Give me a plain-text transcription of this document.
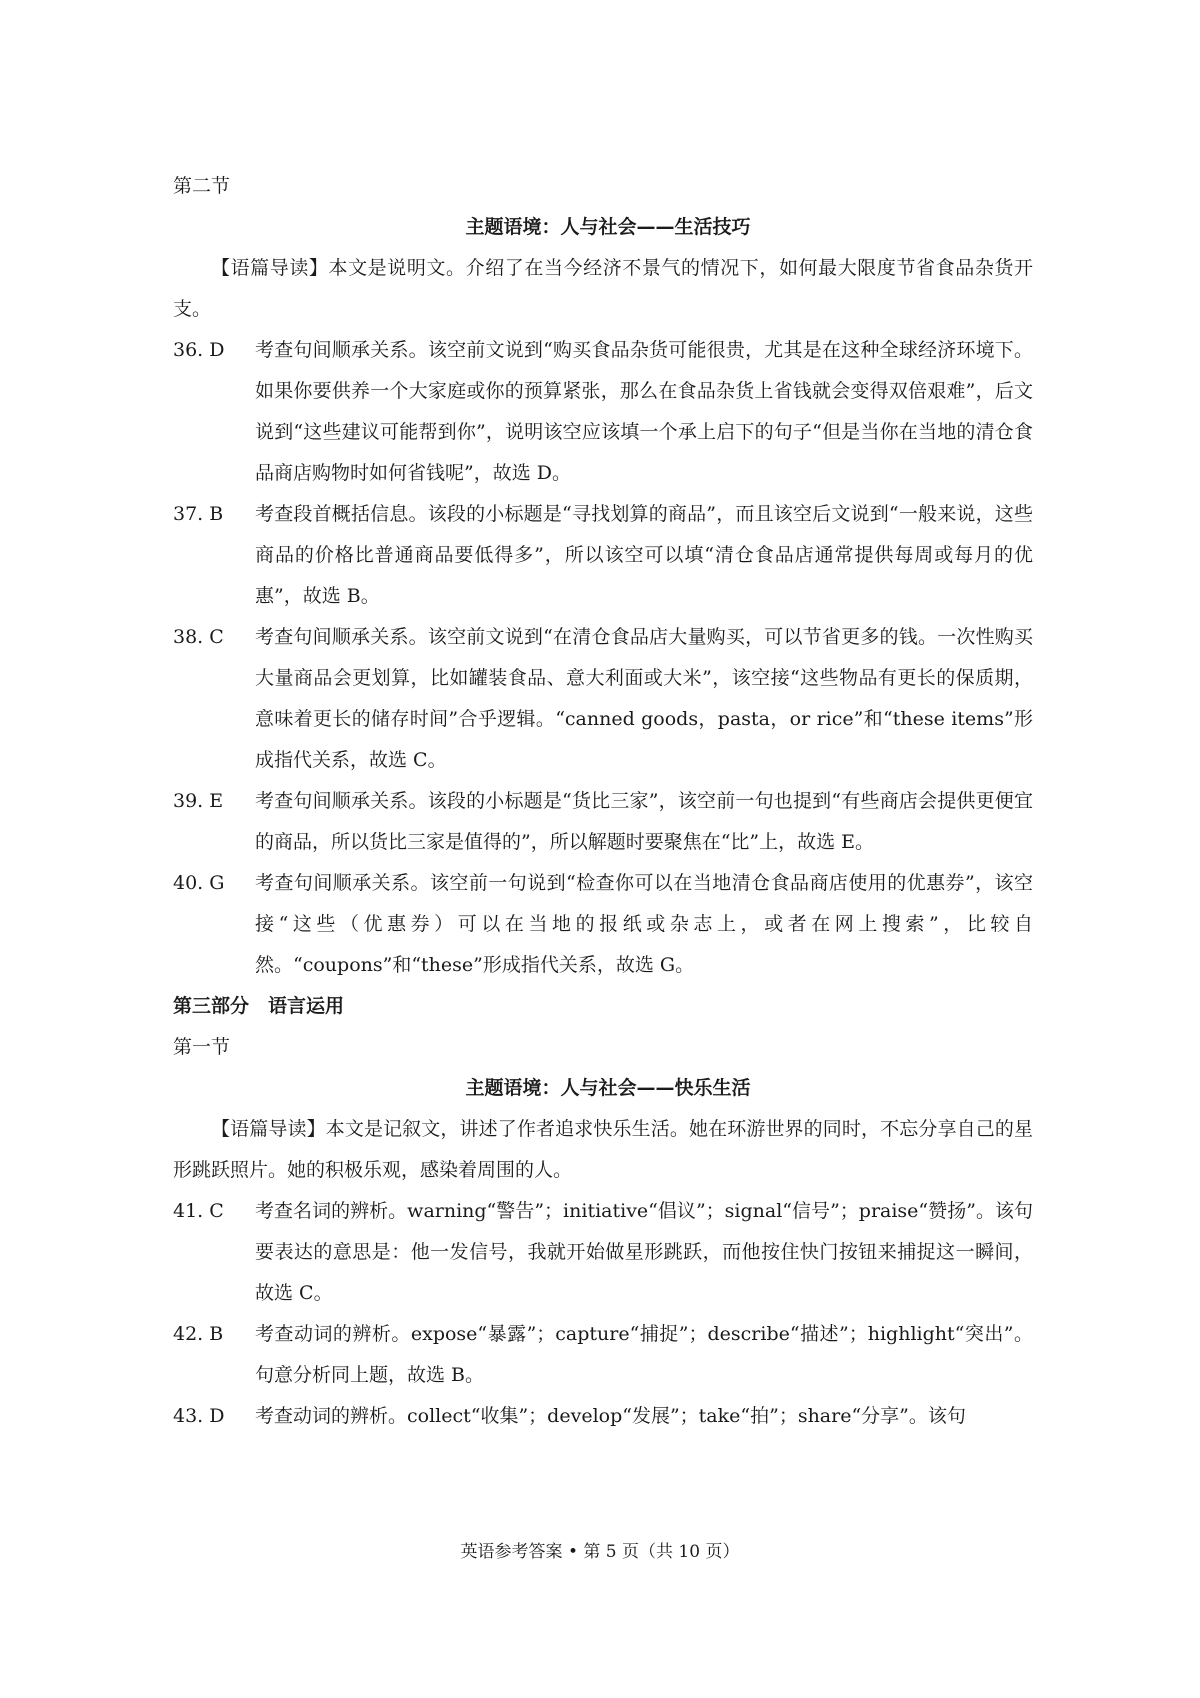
第二节
主题语境：人与社会——生活技巧
【语篇导读】本文是说明文。介绍了在当今经济不景气的情况下，如何最大限度节省食品杂货开支。
36. D	考查句间顺承关系。该空前文说到“购买食品杂货可能很贵，尤其是在这种全球经济环境下。如果你要供养一个大家庭或你的预算紧张，那么在食品杂货上省钱就会变得双倍艰难”，后文说到“这些建议可能帮到你”，说明该空应该填一个承上启下的句子“但是当你在当地的清仓食品商店购物时如何省钱呢”，故选 D。
37. B	考查段首概括信息。该段的小标题是“寻找划算的商品”，而且该空后文说到“一般来说，这些商品的价格比普通商品要低得多”，所以该空可以填“清仓食品店通常提供每周或每月的优惠”，故选 B。
38. C	考查句间顺承关系。该空前文说到“在清仓食品店大量购买，可以节省更多的钱。一次性购买大量商品会更划算，比如罐装食品、意大利面或大米”，该空接“这些物品有更长的保质期，意味着更长的储存时间”合乎逻辑。“canned goods，pasta，or rice”和“these items”形成指代关系，故选 C。
39. E	考查句间顺承关系。该段的小标题是“货比三家”，该空前一句也提到“有些商店会提供更便宜的商品，所以货比三家是值得的”，所以解题时要聚焦在“比”上，故选 E。
40. G	考查句间顺承关系。该空前一句说到“检查你可以在当地清仓食品商店使用的优惠券”，该空接“这些（优惠券）可以在当地的报纸或杂志上，或者在网上搜索”，比较自然。“coupons”和“these”形成指代关系，故选 G。
第三部分　语言运用
第一节
主题语境：人与社会——快乐生活
【语篇导读】本文是记叙文，讲述了作者追求快乐生活。她在环游世界的同时，不忘分享自己的星形跳跃照片。她的积极乐观，感染着周围的人。
41. C	考查名词的辨析。warning“警告”；initiative“倡议”；signal“信号”；praise“赞扬”。该句要表达的意思是：他一发信号，我就开始做星形跳跃，而他按住快门按钮来捕捉这一瞬间，故选 C。
42. B	考查动词的辨析。expose“暴露”；capture“捕捉”；describe“描述”；highlight“突出”。句意分析同上题，故选 B。
43. D	考查动词的辨析。collect“收集”；develop“发展”；take“拍”；share“分享”。该句
英语参考答案 • 第 5 页（共 10 页）
